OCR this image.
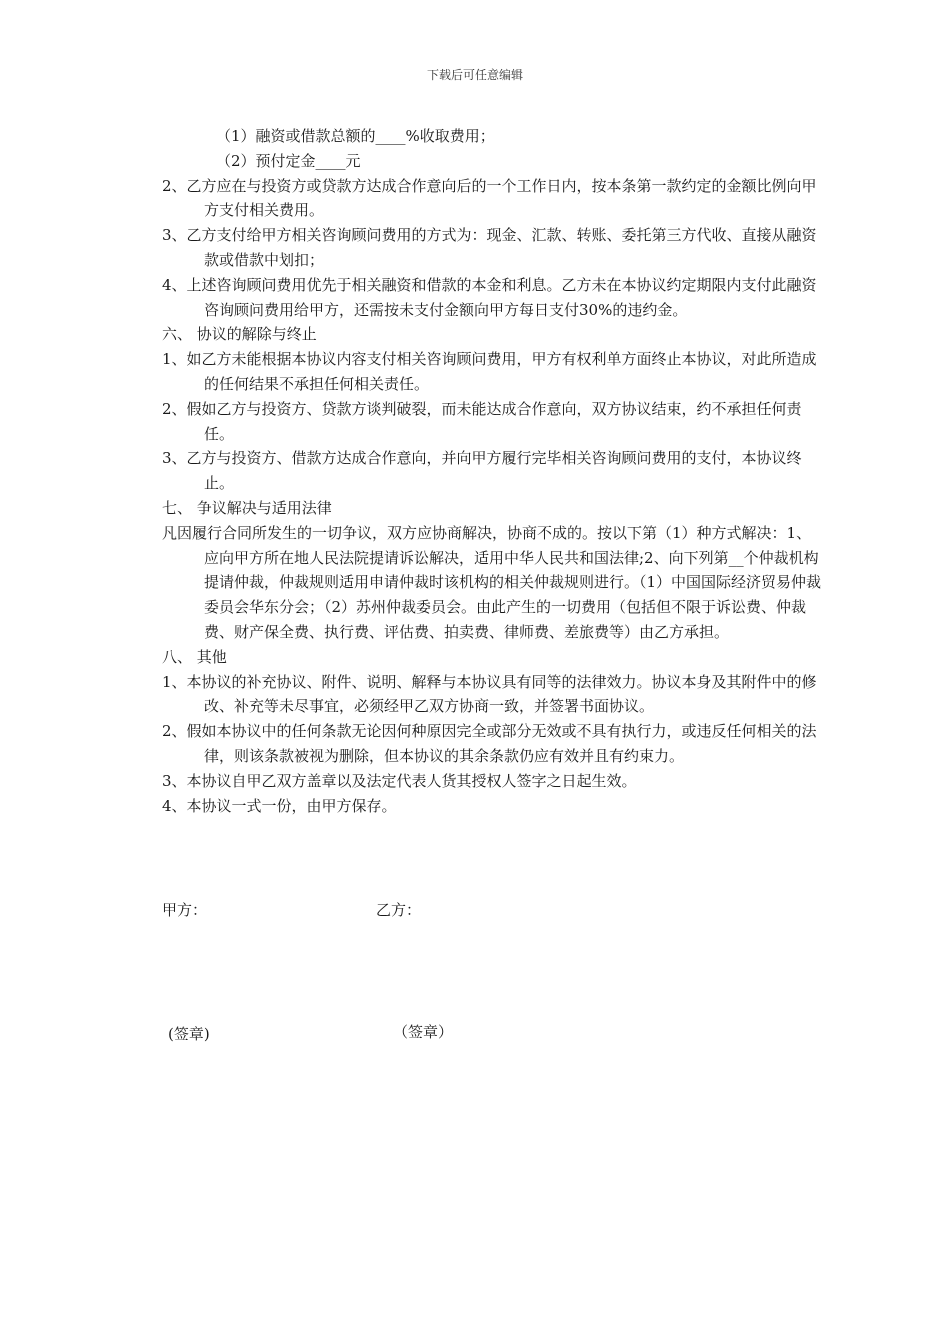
下载后可任意编辑

（1）融资或借款总额的____%收取费用；

（2）预付定金____元

2、乙方应在与投资方或贷款方达成合作意向后的一个工作日内，按本条第一款约定的金额比例向甲方支付相关费用。

3、乙方支付给甲方相关咨询顾问费用的方式为：现金、汇款、转账、委托第三方代收、直接从融资款或借款中划扣；

4、上述咨询顾问费用优先于相关融资和借款的本金和利息。乙方未在本协议约定期限内支付此融资咨询顾问费用给甲方，还需按未支付金额向甲方每日支付30%的违约金。

六、 协议的解除与终止

1、如乙方未能根据本协议内容支付相关咨询顾问费用，甲方有权利单方面终止本协议，对此所造成的任何结果不承担任何相关责任。

2、假如乙方与投资方、贷款方谈判破裂，而未能达成合作意向，双方协议结束，约不承担任何责任。

3、乙方与投资方、借款方达成合作意向，并向甲方履行完毕相关咨询顾问费用的支付，本协议终止。

七、 争议解决与适用法律

凡因履行合同所发生的一切争议，双方应协商解决，协商不成的。按以下第（1）种方式解决：1、应向甲方所在地人民法院提请诉讼解决，适用中华人民共和国法律;2、向下列第__个仲裁机构提请仲裁，仲裁规则适用申请仲裁时该机构的相关仲裁规则进行。（1）中国国际经济贸易仲裁委员会华东分会；（2）苏州仲裁委员会。由此产生的一切费用（包括但不限于诉讼费、仲裁费、财产保全费、执行费、评估费、拍卖费、律师费、差旅费等）由乙方承担。

八、 其他

1、本协议的补充协议、附件、说明、解释与本协议具有同等的法律效力。协议本身及其附件中的修改、补充等未尽事宜，必须经甲乙双方协商一致，并签署书面协议。

2、假如本协议中的任何条款无论因何种原因完全或部分无效或不具有执行力，或违反任何相关的法律，则该条款被视为删除，但本协议的其余条款仍应有效并且有约束力。

3、本协议自甲乙双方盖章以及法定代表人货其授权人签字之日起生效。

4、本协议一式一份，由甲方保存。

甲方：	乙方：
(签章)	（签章）
